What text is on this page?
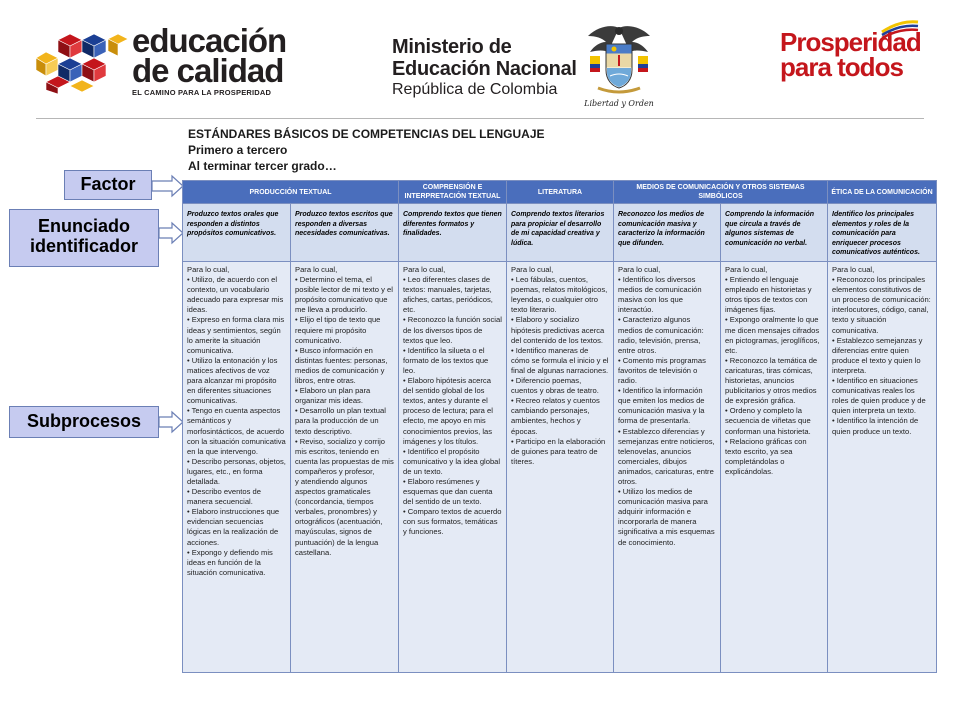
educación
de calidad
EL CAMINO PARA LA PROSPERIDAD
Ministerio de
Educación Nacional
República de Colombia
Libertad y Orden
Prosperidad
para todos
ESTÁNDARES BÁSICOS DE COMPETENCIAS DEL LENGUAJE
Primero a tercero
Al terminar tercer grado…
Factor
Enunciado
identificador
Subprocesos
PRODUCCIÓN TEXTUAL
Produzco textos orales que responden a distintos propósitos comunicativos.
Para lo cual,
• Utilizo, de acuerdo con el contexto, un vocabulario adecuado para expresar mis ideas.
• Expreso en forma clara mis ideas y sentimientos, según lo amerite la situación comunicativa.
• Utilizo la entonación y los matices afectivos de voz para alcanzar mi propósito en diferentes situaciones comunicativas.
• Tengo en cuenta aspectos semánticos y morfosintácticos, de acuerdo con la situación comunicativa en la que intervengo.
• Describo personas, objetos, lugares, etc., en forma detallada.
• Describo eventos de manera secuencial.
• Elaboro instrucciones que evidencian secuencias lógicas en la realización de acciones.
• Expongo y defiendo mis ideas en función de la situación comunicativa.
Produzco textos escritos que responden a diversas necesidades comunicativas.
Para lo cual,
• Determino el tema, el posible lector de mi texto y el propósito comunicativo que me lleva a producirlo.
• Elijo el tipo de texto que requiere mi propósito comunicativo.
• Busco información en distintas fuentes: personas, medios de comunicación y libros, entre otras.
• Elaboro un plan para organizar mis ideas.
• Desarrollo un plan textual para la producción de un texto descriptivo.
• Reviso, socializo y corrijo mis escritos, teniendo en cuenta las propuestas de mis compañeros y profesor,
y atendiendo algunos aspectos gramaticales (concordancia, tiempos verbales, pronombres) y ortográficos (acentuación, mayúsculas, signos de puntuación) de la lengua castellana.
COMPRENSIÓN E INTERPRETACIÓN TEXTUAL
Comprendo textos que tienen diferentes formatos y finalidades.
Para lo cual,
• Leo diferentes clases de textos: manuales, tarjetas, afiches, cartas, periódicos, etc.
• Reconozco la función social de los diversos tipos de textos que leo.
• Identifico la silueta o el formato de los textos que leo.
• Elaboro hipótesis acerca del sentido global de los textos, antes y durante el proceso de lectura; para el efecto, me apoyo en mis conocimientos previos, las imágenes y los títulos.
• Identifico el propósito comunicativo y la idea global de un texto.
• Elaboro resúmenes y esquemas que dan cuenta del sentido de un texto.
• Comparo textos de acuerdo con sus formatos, temáticas y funciones.
LITERATURA
Comprendo textos literarios para propiciar el desarrollo de mi capacidad creativa y lúdica.
Para lo cual,
• Leo fábulas, cuentos, poemas, relatos mitológicos, leyendas, o cualquier otro texto literario.
• Elaboro y socializo hipótesis predictivas acerca del contenido de los textos.
• Identifico maneras de cómo se formula el inicio y el final de algunas narraciones.
• Diferencio poemas, cuentos y obras de teatro.
• Recreo relatos y cuentos cambiando personajes, ambientes, hechos y épocas.
• Participo en la elaboración de guiones para teatro de títeres.
MEDIOS DE COMUNICACIÓN Y OTROS SISTEMAS SIMBÓLICOS
Reconozco los medios de comunicación masiva y caracterizo la información que difunden.
Para lo cual,
• Identifico los diversos medios de comunicación masiva con los que interactúo.
• Caracterizo algunos medios de comunicación: radio, televisión, prensa, entre otros.
• Comento mis programas favoritos de televisión o radio.
• Identifico la información que emiten los medios de comunicación masiva y la forma de presentarla.
• Establezco diferencias y semejanzas entre noticieros, telenovelas, anuncios comerciales, dibujos animados, caricaturas, entre otros.
• Utilizo los medios de comunicación masiva para adquirir información e incorporarla de manera significativa a mis esquemas de conocimiento.
Comprendo la información que circula a través de algunos sistemas de comunicación no verbal.
Para lo cual,
• Entiendo el lenguaje empleado en historietas y otros tipos de textos con imágenes fijas.
• Expongo oralmente lo que me dicen mensajes cifrados en pictogramas, jeroglíficos, etc.
• Reconozco la temática de caricaturas, tiras cómicas, historietas, anuncios publicitarios y otros medios de expresión gráfica.
• Ordeno y completo la secuencia de viñetas que conforman una historieta.
• Relaciono gráficas con texto escrito, ya sea completándolas o explicándolas.
ÉTICA DE LA COMUNICACIÓN
Identifico los principales elementos y roles de la comunicación para enriquecer procesos comunicativos auténticos.
Para lo cual,
• Reconozco los principales elementos constitutivos de un proceso de comunicación: interlocutores, código, canal, texto y situación comunicativa.
• Establezco semejanzas y diferencias entre quien produce el texto y quien lo interpreta.
• Identifico en situaciones comunicativas reales los roles de quien produce y de quien interpreta un texto.
• Identifico la intención de quien produce un texto.
